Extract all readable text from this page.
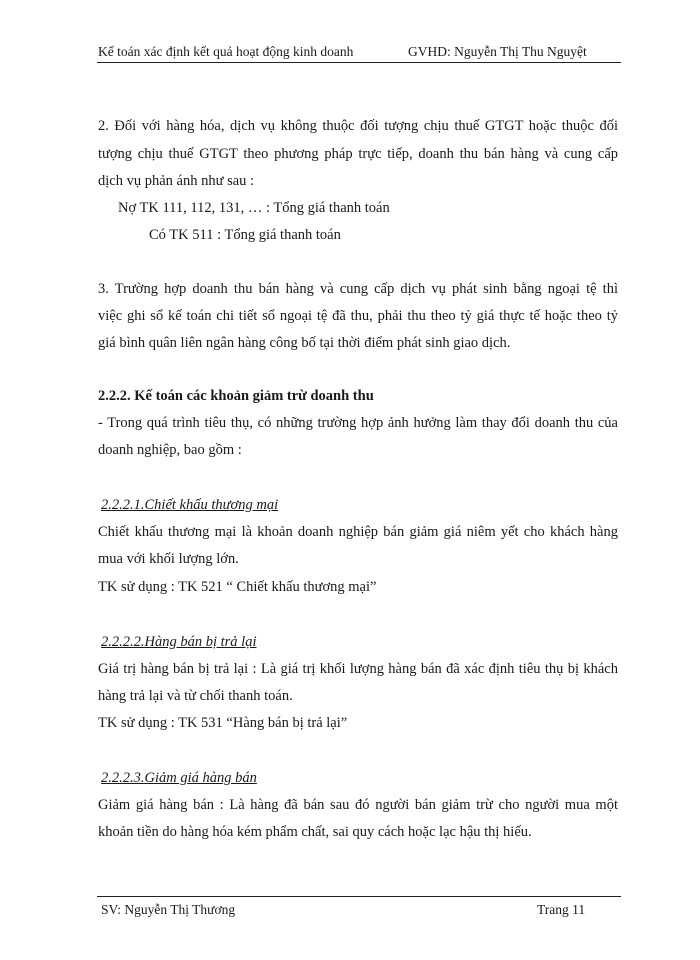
Kế toán xác định kết quả hoạt động kinh doanh	GVHD: Nguyễn Thị Thu Nguyệt
2. Đối với hàng hóa, dịch vụ không thuộc đối tượng chịu thuế GTGT hoặc thuộc đối
tượng chịu thuế GTGT theo phương pháp trực tiếp, doanh thu bán hàng và cung cấp
dịch vụ phản ánh như sau :
Nợ TK 111, 112, 131, … : Tổng giá thanh toán
Có TK 511 : Tổng giá thanh toán
3. Trường hợp doanh thu bán hàng và cung cấp dịch vụ phát sinh bằng ngoại tệ thì
việc ghi sổ kế toán chi tiết sổ ngoại tệ đã thu, phải thu theo tỷ giá thực tế hoặc theo tỷ
giá bình quân liên ngân hàng công bố tại thời điểm phát sinh giao dịch.
2.2.2. Kế toán các khoản giảm trừ doanh thu
- Trong quá trình tiêu thụ, có những trường hợp ảnh hưởng làm thay đổi doanh thu của
doanh nghiệp, bao gồm :
2.2.2.1.Chiết khấu thương mại
Chiết khấu thương mại là khoản doanh nghiệp bán giảm giá niêm yết cho khách hàng
mua với khối lượng lớn.
TK sử dụng : TK 521 “ Chiết khấu thương mại”
2.2.2.2.Hàng bán bị trả lại
Giá trị hàng bán bị trả lại : Là giá trị khối lượng hàng bán đã xác định tiêu thụ bị khách
hàng trả lại và từ chối thanh toán.
TK sử dụng : TK 531 “Hàng bán bị trả lại”
2.2.2.3.Giảm giá hàng bán
Giảm giá hàng bán : Là hàng đã bán sau đó người bán giảm trừ cho người mua một
khoản tiền do hàng hóa kém phẩm chất, sai quy cách hoặc lạc hậu thị hiếu.
SV: Nguyễn Thị Thương	Trang 11
